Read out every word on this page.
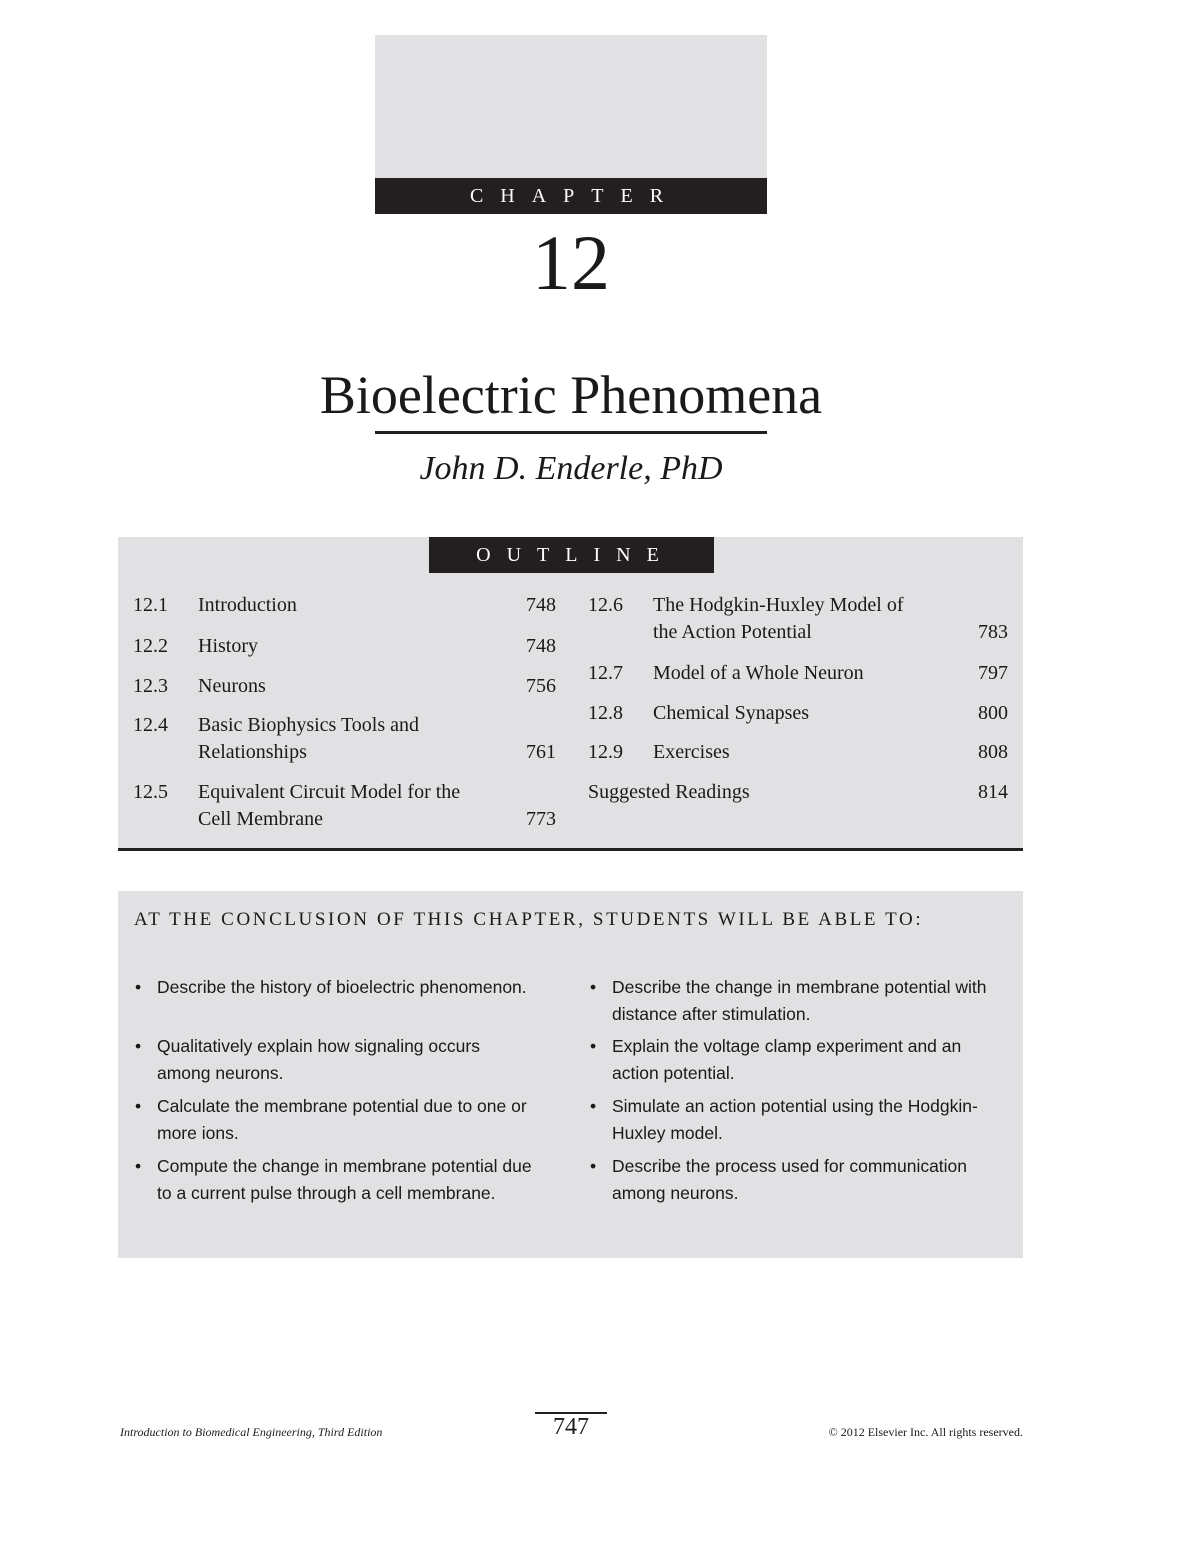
CHAPTER
12
Bioelectric Phenomena
John D. Enderle, PhD
OUTLINE
12.1 Introduction	748
12.2 History	748
12.3 Neurons	756
12.4 Basic Biophysics Tools and
Relationships	761
12.5 Equivalent Circuit Model for the
Cell Membrane	773
12.6 The Hodgkin-Huxley Model of
the Action Potential	783
12.7 Model of a Whole Neuron	797
12.8 Chemical Synapses	800
12.9 Exercises	808
Suggested Readings	814
AT THE CONCLUSION OF THIS CHAPTER, STUDENTS WILL BE ABLE TO:
• Describe the history of bioelectric phenomenon.
• Qualitatively explain how signaling occurs among neurons.
• Calculate the membrane potential due to one or more ions.
• Compute the change in membrane potential due to a current pulse through a cell membrane.
• Describe the change in membrane potential with distance after stimulation.
• Explain the voltage clamp experiment and an action potential.
• Simulate an action potential using the Hodgkin-Huxley model.
• Describe the process used for communication among neurons.
Introduction to Biomedical Engineering, Third Edition	747	© 2012 Elsevier Inc. All rights reserved.
